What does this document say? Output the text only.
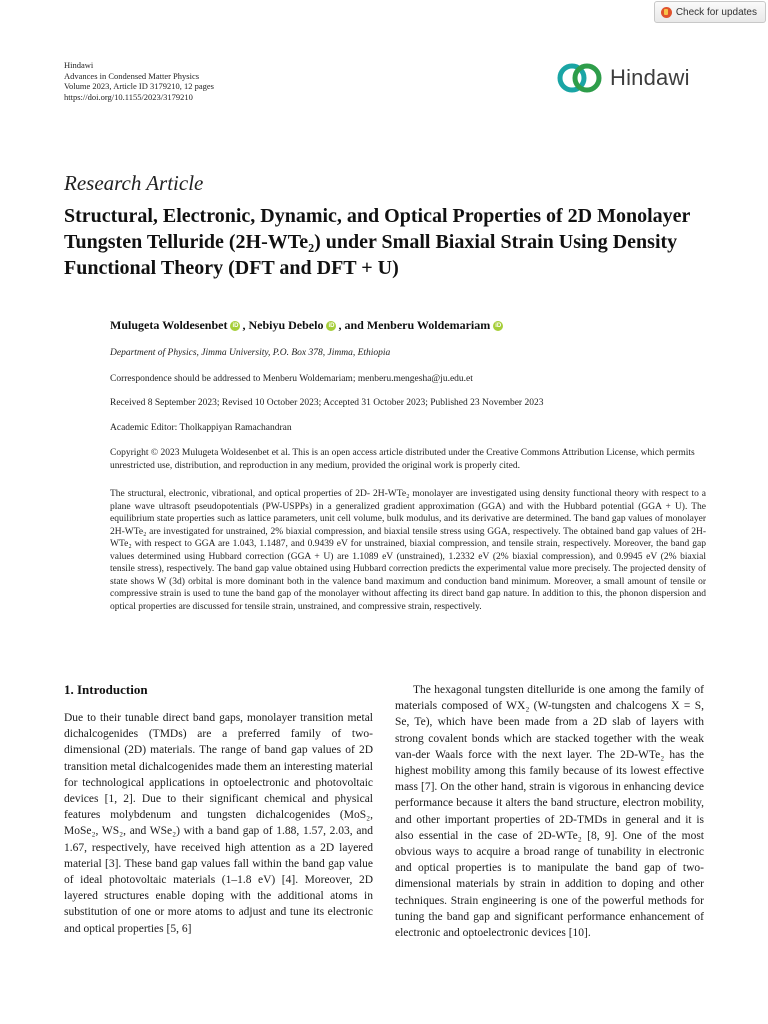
Check for updates
Hindawi
Advances in Condensed Matter Physics
Volume 2023, Article ID 3179210, 12 pages
https://doi.org/10.1155/2023/3179210
Hindawi
Research Article
Structural, Electronic, Dynamic, and Optical Properties of 2D Monolayer Tungsten Telluride (2H-WTe₂) under Small Biaxial Strain Using Density Functional Theory (DFT and DFT + U)
Mulugeta Woldesenbet iD , Nebiyu Debelo iD , and Menberu Woldemariam iD
Department of Physics, Jimma University, P.O. Box 378, Jimma, Ethiopia
Correspondence should be addressed to Menberu Woldemariam; menberu.mengesha@ju.edu.et
Received 8 September 2023; Revised 10 October 2023; Accepted 31 October 2023; Published 23 November 2023
Academic Editor: Tholkappiyan Ramachandran
Copyright © 2023 Mulugeta Woldesenbet et al. This is an open access article distributed under the Creative Commons Attribution License, which permits unrestricted use, distribution, and reproduction in any medium, provided the original work is properly cited.
The structural, electronic, vibrational, and optical properties of 2D- 2H-WTe₂ monolayer are investigated using density functional theory with respect to a plane wave ultrasoft pseudopotentials (PW-USPPs) in a generalized gradient approximation (GGA) and with the Hubbard potential (GGA + U). The equilibrium state properties such as lattice parameters, unit cell volume, bulk modulus, and its derivative are determined. The band gap values of monolayer 2H-WTe₂ are investigated for unstrained, 2% biaxial compression, and biaxial tensile stress using GGA, respectively. The obtained band gap values of 2H-WTe₂ with respect to GGA are 1.043, 1.1487, and 0.9439 eV for unstrained, biaxial compression, and tensile strain, respectively. Moreover, the band gap values determined using Hubbard correction (GGA + U) are 1.1089 eV (unstrained), 1.2332 eV (2% biaxial compression), and 0.9945 eV (2% biaxial tensile stress), respectively. The band gap value obtained using Hubbard correction predicts the experimental value more precisely. The projected density of state shows W (3d) orbital is more dominant both in the valence band maximum and conduction band minimum. Moreover, a small amount of tensile or compressive strain is used to tune the band gap of the monolayer without affecting its direct band gap nature. In addition to this, the phonon dispersion and optical properties are discussed for tensile strain, unstrained, and compressive strain, respectively.
1. Introduction
Due to their tunable direct band gaps, monolayer transition metal dichalcogenides (TMDs) are a preferred family of two-dimensional (2D) materials. The range of band gap values of 2D transition metal dichalcogenides made them an interesting material for technological applications in optoelectronic and photovoltaic devices [1, 2]. Due to their significant chemical and physical features molybdenum and tungsten dichalcogenides (MoS₂, MoSe₂, WS₂, and WSe₂) with a band gap of 1.88, 1.57, 2.03, and 1.67, respectively, have received high attention as a 2D layered material [3]. These band gap values fall within the band gap value of ideal photovoltaic materials (1–1.8 eV) [4]. Moreover, 2D layered structures enable doping with the additional atoms in substitution of one or more atoms to adjust and tune its electronic and optical properties [5, 6]
The hexagonal tungsten ditelluride is one among the family of materials composed of WX₂ (W-tungsten and chalcogens X = S, Se, Te), which have been made from a 2D slab of layers with strong covalent bonds which are stacked together with the weak van-der Waals force with the next layer. The 2D-WTe₂ has the highest mobility among this family because of its lowest effective mass [7]. On the other hand, strain is vigorous in enhancing device performance because it alters the band structure, electron mobility, and other important properties of 2D-TMDs in general and it is also essential in the case of 2D-WTe₂ [8, 9]. One of the most obvious ways to acquire a broad range of tunability in electronic and optical properties is to manipulate the band gap of two-dimensional materials by strain in addition to doping and other techniques. Strain engineering is one of the powerful methods for tuning the band gap and significant performance enhancement of electronic and optoelectronic devices [10].
